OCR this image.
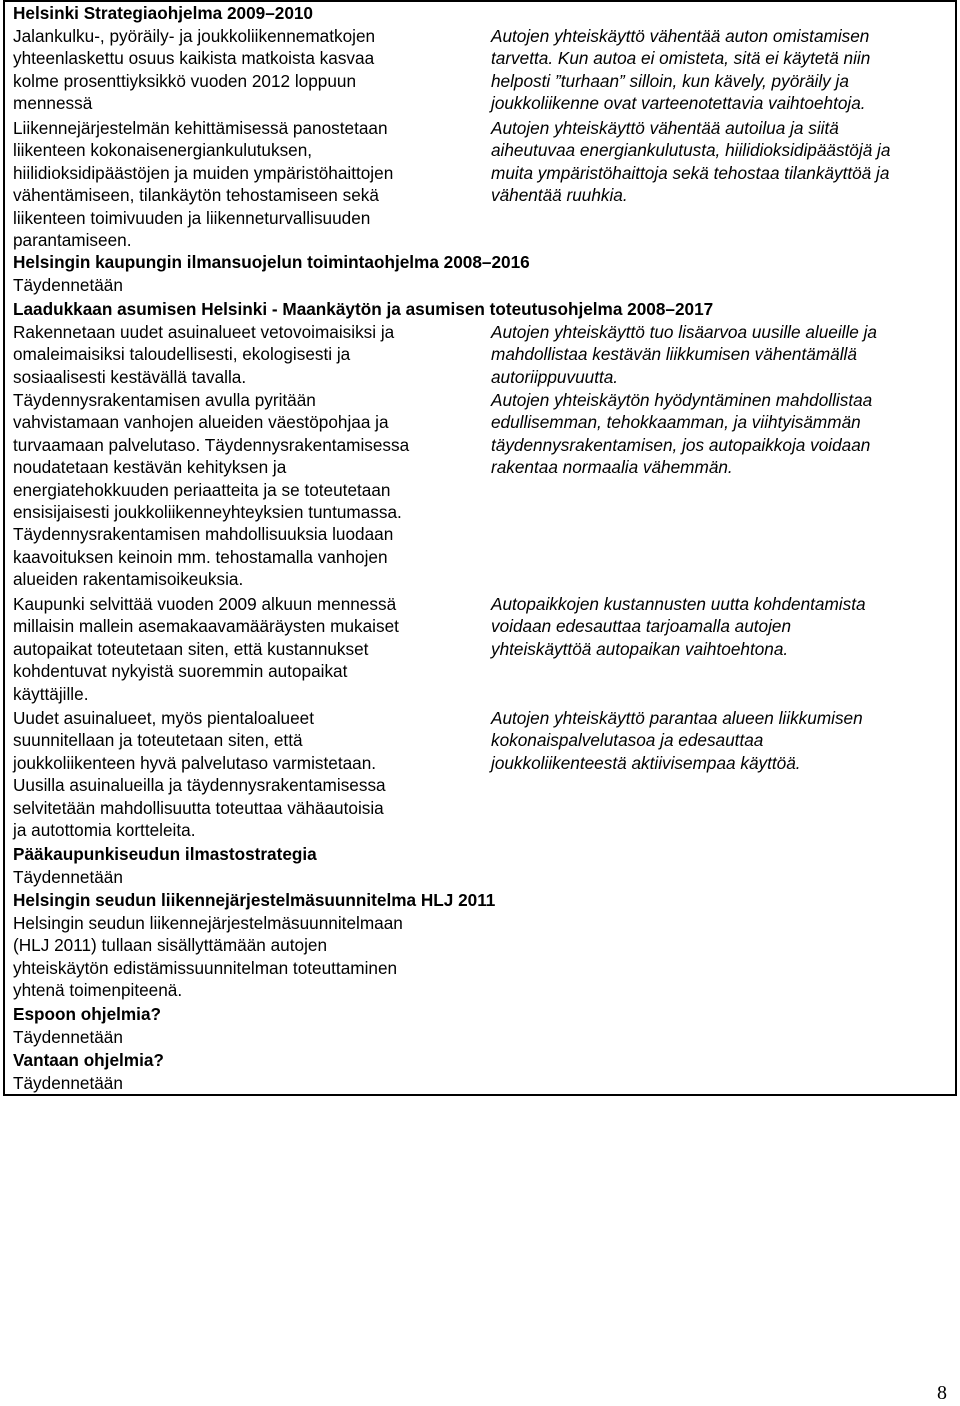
Helsinki Strategiaohjelma 2009–2010
Jalankulku-, pyöräily- ja joukkoliikennematkojen
yhteenlaskettu osuus kaikista matkoista kasvaa
kolme prosenttiyksikkö vuoden 2012 loppuun
mennessä
Liikennejärjestelmän kehittämisessä panostetaan
liikenteen kokonaisenergiankulutuksen,
hiilidioksidipäästöjen ja muiden ympäristöhaittojen
vähentämiseen, tilankäytön tehostamiseen sekä
liikenteen toimivuuden ja liikenneturvallisuuden
parantamiseen.
Autojen yhteiskäyttö vähentää auton omistamisen
tarvetta. Kun autoa ei omisteta, sitä ei käytetä niin
helposti ”turhaan” silloin, kun kävely, pyöräily ja
joukkoliikenne ovat varteenotettavia vaihtoehtoja.
Autojen yhteiskäyttö vähentää autoilua ja siitä
aiheutuvaa energiankulutusta, hiilidioksidipäästöjä ja
muita ympäristöhaittoja sekä tehostaa tilankäyttöä ja
vähentää ruuhkia.
Helsingin kaupungin ilmansuojelun toimintaohjelma 2008–2016
Täydennetään
Laadukkaan asumisen Helsinki - Maankäytön ja asumisen toteutusohjelma 2008–2017
Rakennetaan uudet asuinalueet vetovoimaisiksi ja
omaleimaisiksi taloudellisesti, ekologisesti ja
sosiaalisesti kestävällä tavalla.
Täydennysrakentamisen avulla pyritään
vahvistamaan vanhojen alueiden väestöpohjaa ja
turvaamaan palvelutaso. Täydennysrakentamisessa
noudatetaan kestävän kehityksen ja
energiatehokkuuden periaatteita ja se toteutetaan
ensisijaisesti joukkoliikenneyhteyksien tuntumassa.
Täydennysrakentamisen mahdollisuuksia luodaan
kaavoituksen keinoin mm. tehostamalla vanhojen
alueiden rakentamisoikeuksia.
Kaupunki selvittää vuoden 2009 alkuun mennessä
millaisin mallein asemakaavamääräysten mukaiset
autopaikat toteutetaan siten, että kustannukset
kohdentuvat nykyistä suoremmin autopaikat
käyttäjille.
Uudet asuinalueet, myös pientaloalueet
suunnitellaan ja toteutetaan siten, että
joukkoliikenteen hyvä palvelutaso varmistetaan.
Uusilla asuinalueilla ja täydennysrakentamisessa
selvitetään mahdollisuutta toteuttaa vähäautoisia
ja autottomia kortteleita.
Autojen yhteiskäyttö tuo lisäarvoa uusille alueille ja
mahdollistaa kestävän liikkumisen vähentämällä
autoriippuvuutta.
Autojen yhteiskäytön hyödyntäminen mahdollistaa
edullisemman, tehokkaamman, ja viihtyisämmän
täydennysrakentamisen, jos autopaikkoja voidaan
rakentaa normaalia vähemmän.
Autopaikkojen kustannusten uutta kohdentamista
voidaan edesauttaa tarjoamalla autojen
yhteiskäyttöä autopaikan vaihtoehtona.
Autojen yhteiskäyttö parantaa alueen liikkumisen
kokonaispalvelutasoa ja edesauttaa
joukkoliikenteestä aktiivisempaa käyttöä.
Pääkaupunkiseudun ilmastostrategia
Täydennetään
Helsingin seudun liikennejärjestelmäsuunnitelma HLJ 2011
Helsingin seudun liikennejärjestelmäsuunnitelmaan
(HLJ 2011) tullaan sisällyttämään autojen
yhteiskäytön edistämissuunnitelman toteuttaminen
yhtenä toimenpiteenä.
Espoon ohjelmia?
Täydennetään
Vantaan ohjelmia?
Täydennetään
8
